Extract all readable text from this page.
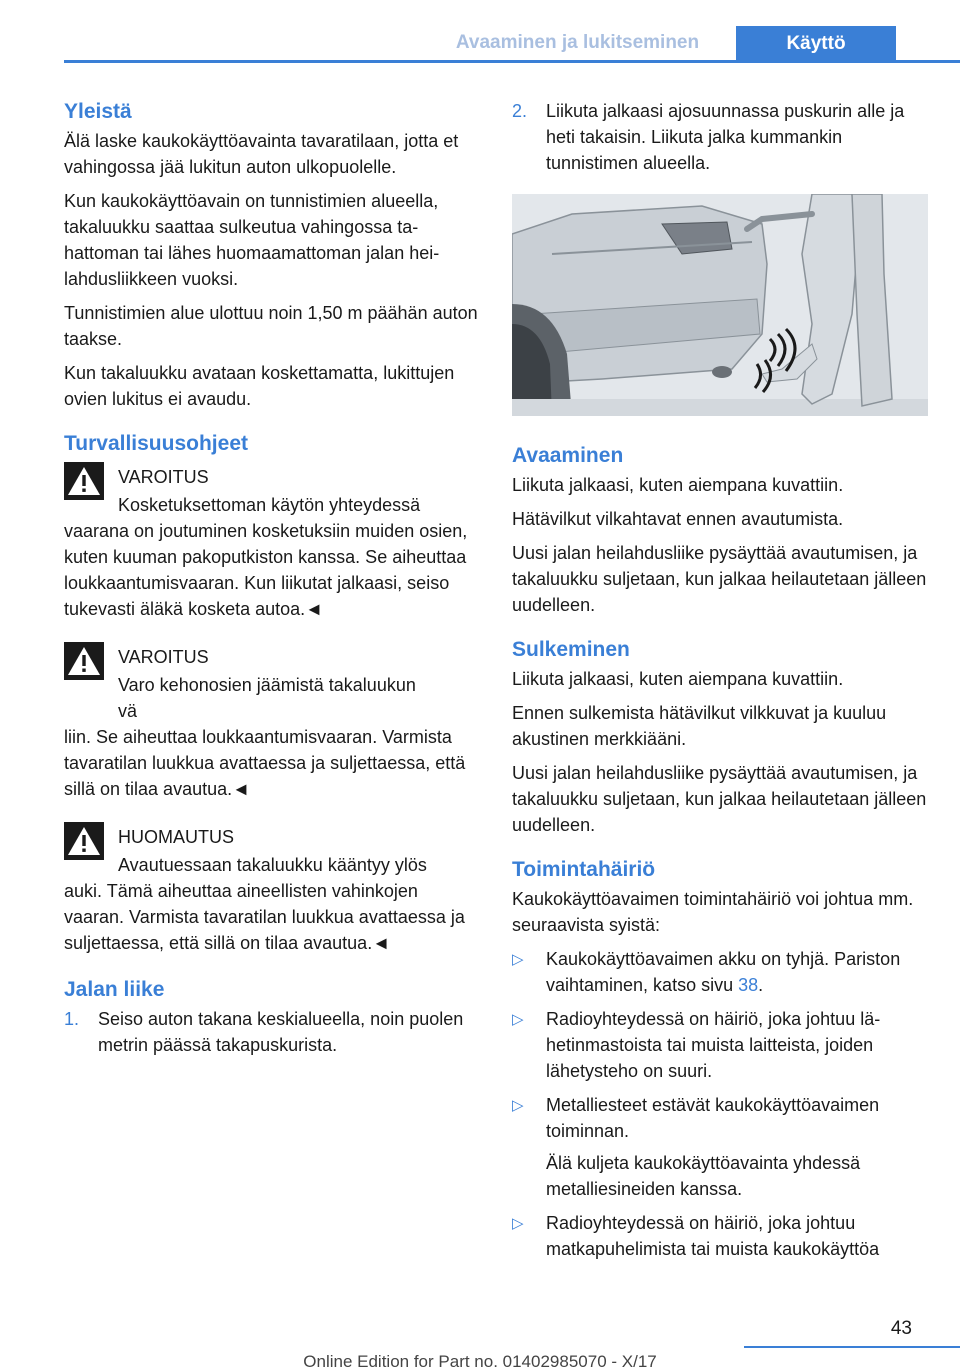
Avaaminen ja lukitseminen	Käyttö
Yleistä

Älä laske kaukokäyttöavainta tavaratilaan, jotta et vahingossa jää lukitun auton ulkopuolelle.

Kun kaukokäyttöavain on tunnistimien alueella, takaluukku saattaa sulkeutua vahingossa tahattoman tai lähes huomaamattoman jalan heilahdusliikkeen vuoksi.

Tunnistimien alue ulottuu noin 1,50 m päähän auton taakse.

Kun takaluukku avataan koskettamatta, lukittujen ovien lukitus ei avaudu.

Turvallisuusohjeet
VAROITUS
Kosketuksettoman käytön yhteydessä
vaarana on joutuminen kosketuksiin muiden osien, kuten kuuman pakoputkiston kanssa. Se aiheuttaa loukkaantumisvaaran. Kun liikutat jalkaasi, seiso tukevasti äläkä kosketa autoa.◄
VAROITUS
Varo kehonosien jäämistä takaluukun vä
liin. Se aiheuttaa loukkaantumisvaaran. Varmista tavaratilan luukkua avattaessa ja suljettaessa, että sillä on tilaa avautua.◄
HUOMAUTUS
Avautuessaan takaluukku kääntyy ylös
auki. Tämä aiheuttaa aineellisten vahinkojen vaaran. Varmista tavaratilan luukkua avattaessa ja suljettaessa, että sillä on tilaa avautua.◄
Jalan liike
1.	Seiso auton takana keskialueella, noin puolen metrin päässä takapuskurista.
2.	Liikuta jalkaasi ajosuunnassa puskurin alle ja heti takaisin. Liikuta jalka kummankin tunnistimen alueella.
Avaaminen

Liikuta jalkaasi, kuten aiempana kuvattiin.

Hätävilkut vilkahtavat ennen avautumista.

Uusi jalan heilahdusliike pysäyttää avautumisen, ja takaluukku suljetaan, kun jalkaa heilautetaan jälleen uudelleen.

Sulkeminen

Liikuta jalkaasi, kuten aiempana kuvattiin.

Ennen sulkemista hätävilkut vilkkuvat ja kuuluu akustinen merkkiääni.

Uusi jalan heilahdusliike pysäyttää avautumisen, ja takaluukku suljetaan, kun jalkaa heilautetaan jälleen uudelleen.

Toimintahäiriö

Kaukokäyttöavaimen toimintahäiriö voi johtua mm. seuraavista syistä:

▷	Kaukokäyttöavaimen akku on tyhjä. Pariston vaihtaminen, katso sivu 38.
▷	Radioyhteydessä on häiriö, joka johtuu lähetinmastoista tai muista laitteista, joiden lähetysteho on suuri.
▷	Metalliesteet estävät kaukokäyttöavaimen toiminnan.
Älä kuljeta kaukokäyttöavainta yhdessä metalliesineiden kanssa.
▷	Radioyhteydessä on häiriö, joka johtuu matkapuhelimista tai muista kaukokäyttöa
43
Online Edition for Part no. 01402985070 - X/17
